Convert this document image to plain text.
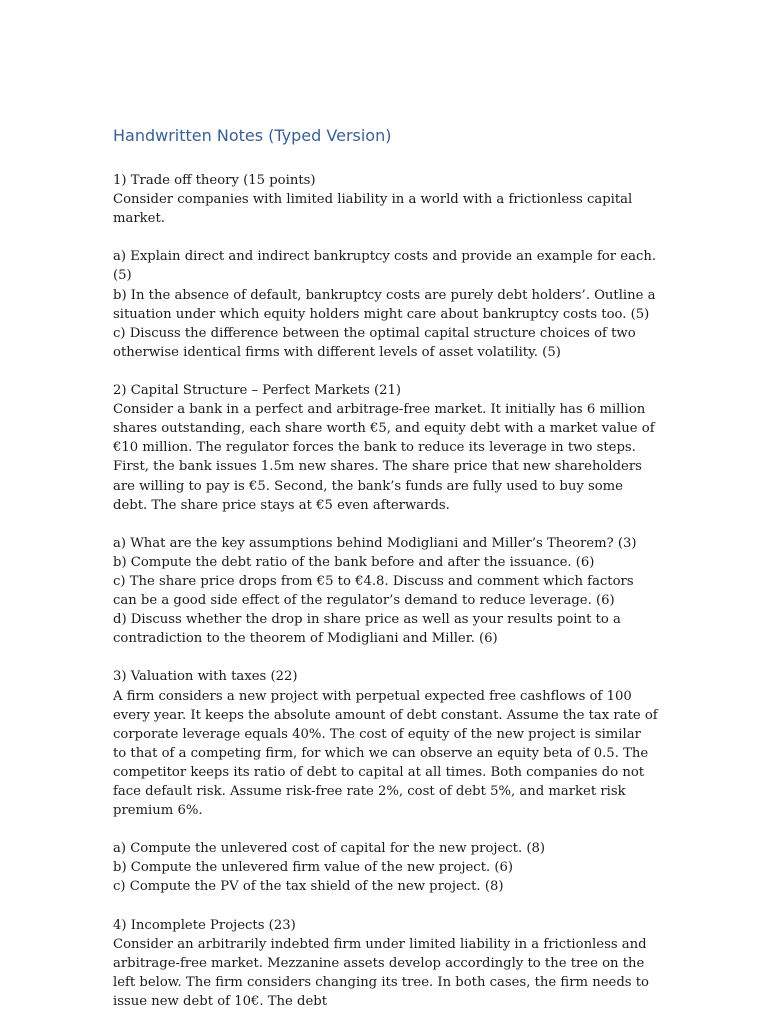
Handwritten Notes (Typed Version)

1) Trade off theory (15 points)

Consider companies with limited liability in a world with a frictionless capital market.

a) Explain direct and indirect bankruptcy costs and provide an example for each. (5)

b) In the absence of default, bankruptcy costs are purely debt holders’. Outline a situation under which equity holders might care about bankruptcy costs too. (5)

c) Discuss the difference between the optimal capital structure choices of two otherwise identical firms with different levels of asset volatility. (5)

2) Capital Structure – Perfect Markets (21)

Consider a bank in a perfect and arbitrage-free market. It initially has 6 million shares outstanding, each share worth €5, and equity debt with a market value of €10 million. The regulator forces the bank to reduce its leverage in two steps. First, the bank issues 1.5m new shares. The share price that new shareholders are willing to pay is €5. Second, the bank’s funds are fully used to buy some debt. The share price stays at €5 even afterwards.

a) What are the key assumptions behind Modigliani and Miller’s Theorem? (3)

b) Compute the debt ratio of the bank before and after the issuance. (6)

c) The share price drops from €5 to €4.8. Discuss and comment which factors can be a good side effect of the regulator’s demand to reduce leverage. (6)

d) Discuss whether the drop in share price as well as your results point to a contradiction to the theorem of Modigliani and Miller. (6)

3) Valuation with taxes (22)

A firm considers a new project with perpetual expected free cashflows of 100 every year. It keeps the absolute amount of debt constant. Assume the tax rate of corporate leverage equals 40%. The cost of equity of the new project is similar to that of a competing firm, for which we can observe an equity beta of 0.5. The competitor keeps its ratio of debt to capital at all times. Both companies do not face default risk. Assume risk-free rate 2%, cost of debt 5%, and market risk premium 6%.

a) Compute the unlevered cost of capital for the new project. (8)

b) Compute the unlevered firm value of the new project. (6)

c) Compute the PV of the tax shield of the new project. (8)

4) Incomplete Projects (23)

Consider an arbitrarily indebted firm under limited liability in a frictionless and arbitrage-free market. Mezzanine assets develop accordingly to the tree on the left below. The firm considers changing its tree. In both cases, the firm needs to issue new debt of 10€. The debt
